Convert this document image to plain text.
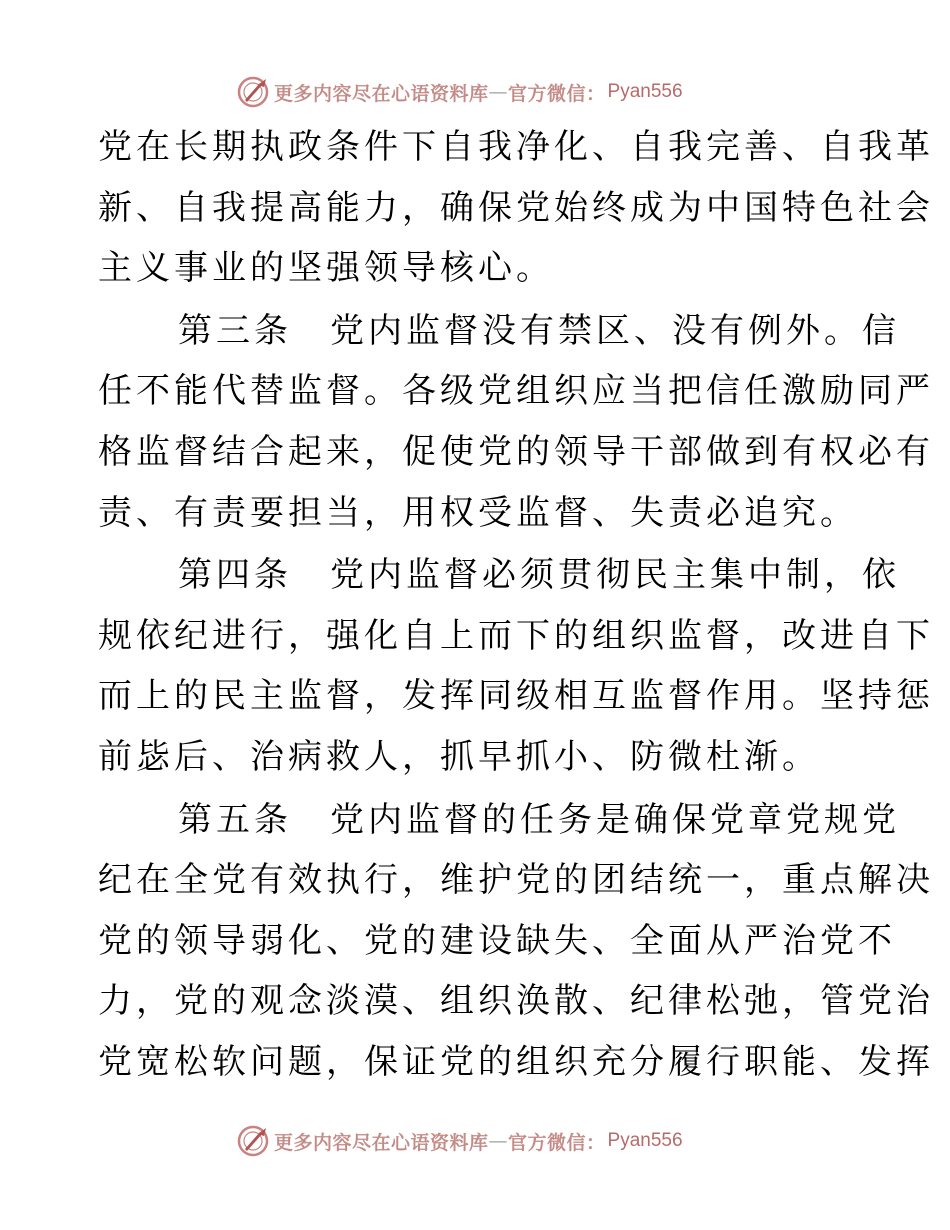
更多内容尽在心语资料库 — 官方微信： Pyan556
党在长期执政条件下自我净化、自我完善、自我革
新、自我提高能力，确保党始终成为中国特色社会
主义事业的坚强领导核心。
第三条　党内监督没有禁区、没有例外。信
任不能代替监督。各级党组织应当把信任激励同严
格监督结合起来，促使党的领导干部做到有权必有
责、有责要担当，用权受监督、失责必追究。
第四条　党内监督必须贯彻民主集中制，依
规依纪进行，强化自上而下的组织监督，改进自下
而上的民主监督，发挥同级相互监督作用。坚持惩
前毖后、治病救人，抓早抓小、防微杜渐。
第五条　党内监督的任务是确保党章党规党
纪在全党有效执行，维护党的团结统一，重点解决
党的领导弱化、党的建设缺失、全面从严治党不
力，党的观念淡漠、组织涣散、纪律松弛，管党治
党宽松软问题，保证党的组织充分履行职能、发挥
更多内容尽在心语资料库 — 官方微信： Pyan556
